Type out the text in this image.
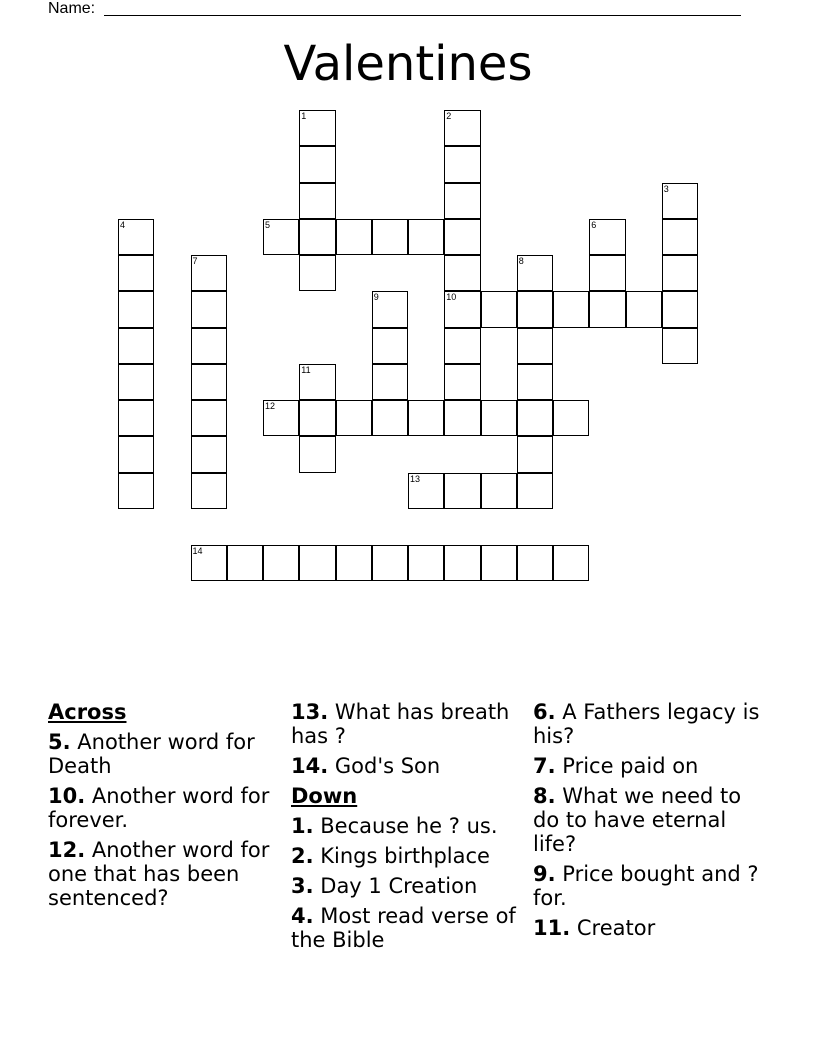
Name:
Valentines
5
10
12
13
14
1	2
3
4	6
7	8
9
11
Across
5. Another word for Death
10. Another word for forever.
12. Another word for one that has been sentenced?
13. What has breath has ?
14. God's Son
Down
1. Because he ? us.
2. Kings birthplace
3. Day 1 Creation
4. Most read verse of the Bible
6. A Fathers legacy is his?
7. Price paid on
8. What we need to do to have eternal life?
9. Price bought and ? for.
11. Creator
